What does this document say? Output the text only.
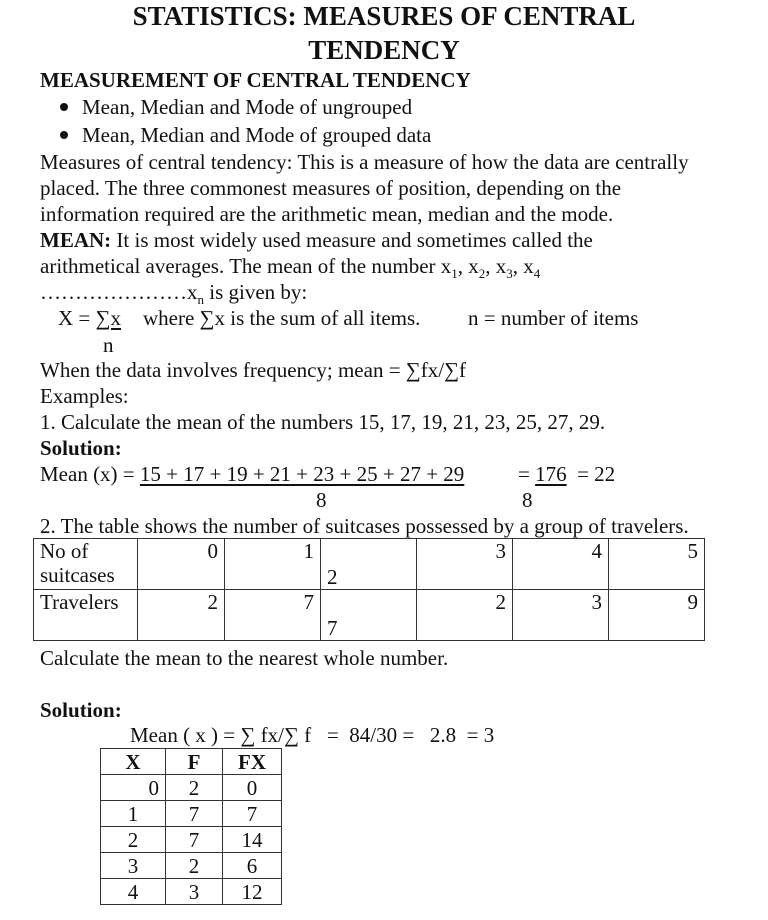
STATISTICS: MEASURES OF CENTRAL
TENDENCY
MEASUREMENT OF CENTRAL TENDENCY
Mean, Median and Mode of ungrouped
Mean, Median and Mode of grouped data
Measures of central tendency: This is a measure of how the data are centrally
placed. The three commonest measures of position, depending on the
information required are the arithmetic mean, median and the mode.
MEAN: It is most widely used measure and sometimes called the
arithmetical averages. The mean of the number $x_1$, $x_2$, $x_3$, $x_4$
$\dots\dots\dots\dots\dots\dots\dots x_n$ is given by:
X = ∑x where ∑x is the sum of all items. n = number of items
n
When the data involves frequency; mean = ∑fx/∑f
Examples:
1. Calculate the mean of the numbers 15, 17, 19, 21, 23, 25, 27, 29.
Solution:
Mean (x) = 15 + 17 + 19 + 21 + 23 + 25 + 27 + 29	= 176 = 22
8	8
2. The table shows the number of suitcases possessed by a group of travelers.
No of
suitcases	0	1	2	3	4	5
Travelers	2	7	7	2	3	9
Calculate the mean to the nearest whole number.
Solution:
Mean ( x ) = ∑ fx/∑ f   =  84/30 =   2.8  = 3
X	F	FX
0	2	0
1	7	7
2	7	14
3	2	6
4	3	12
